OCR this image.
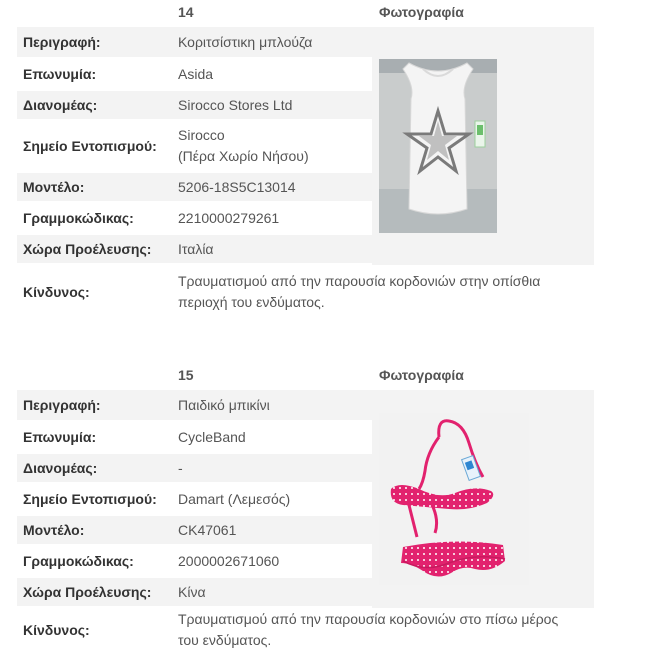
14	Φωτογραφία
Περιγραφή:	Κοριτσίστικη μπλούζα

Επωνυμία:	Asida

Διανομέας:	Sirocco Stores Ltd

Σημείο Εντοπισμού:	Sirocco
(Πέρα Χωρίο Νήσου)

Μοντέλο:	5206-18S5C13014

Γραμμοκώδικας:	2210000279261

Χώρα Προέλευσης:	Ιταλία
Κίνδυνος:
Τραυματισμού από την παρουσία κορδονιών στην οπίσθια
περιοχή του ενδύματος.
15	Φωτογραφία
Περιγραφή:	Παιδικό μπικίνι

Επωνυμία:	CycleBand

Διανομέας:	-

Σημείο Εντοπισμού:	Damart (Λεμεσός)

Μοντέλο:	CK47061

Γραμμοκώδικας:	2000002671060

Χώρα Προέλευσης:	Κίνα
Κίνδυνος:
Τραυματισμού από την παρουσία κορδονιών στο πίσω μέρος
του ενδύματος.
